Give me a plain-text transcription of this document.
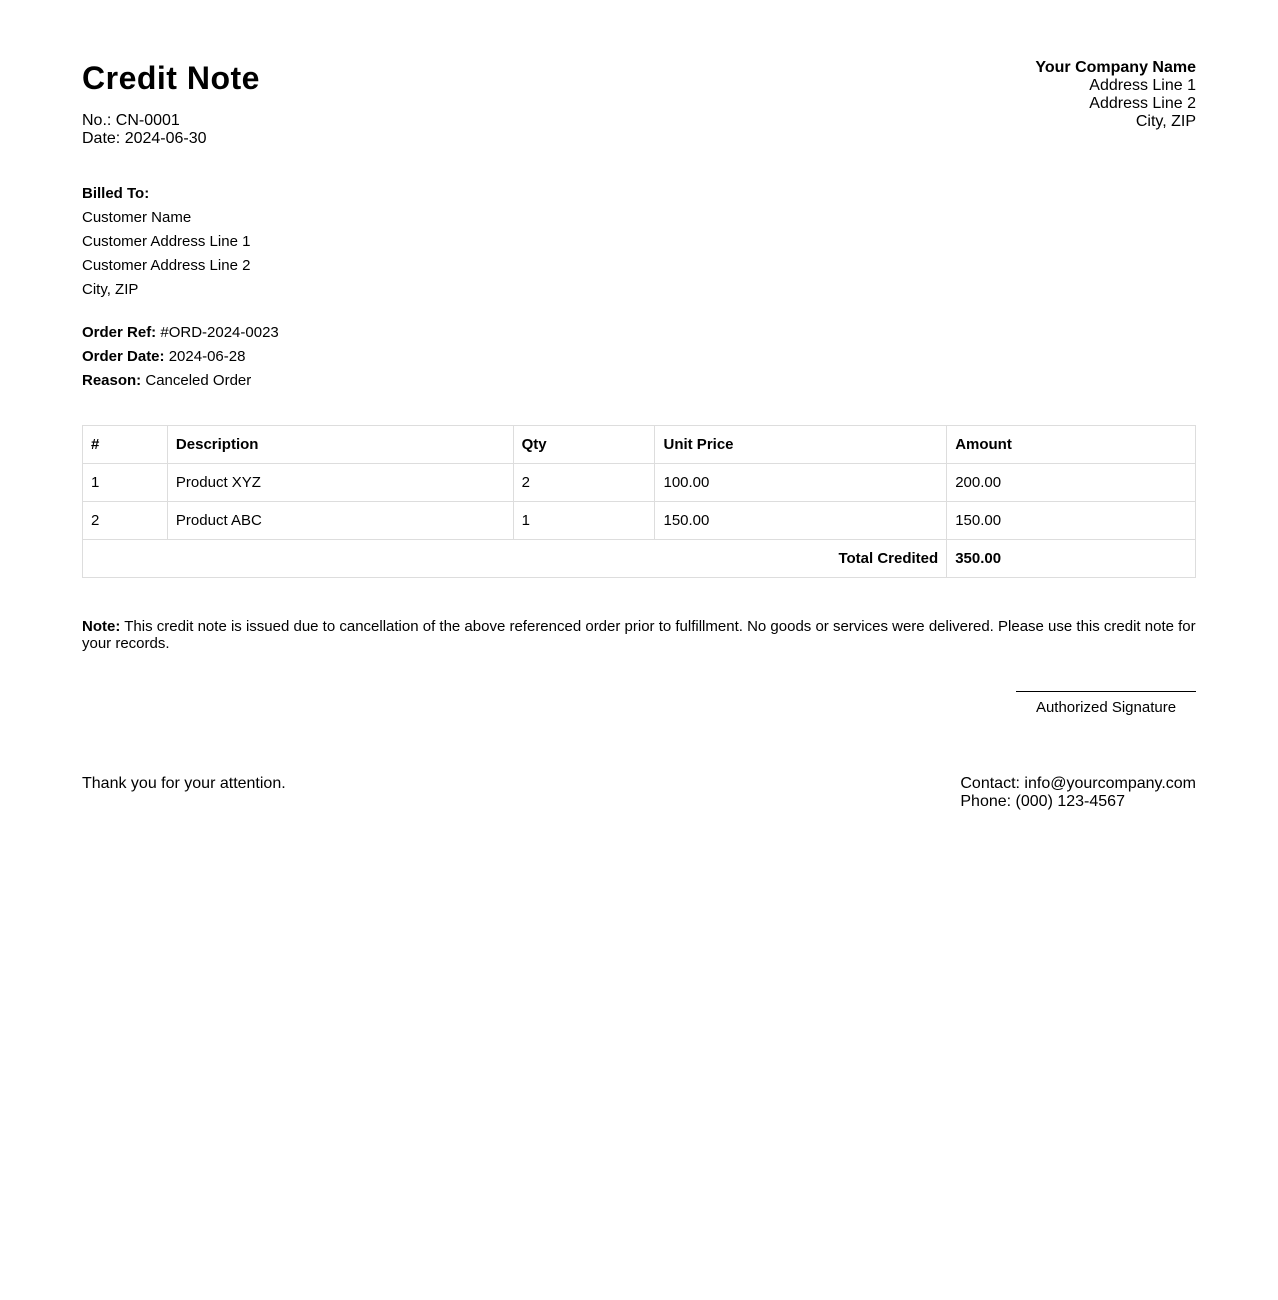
Credit Note
No.: CN-0001
Date: 2024-06-30
Your Company Name
Address Line 1
Address Line 2
City, ZIP
Billed To:
Customer Name
Customer Address Line 1
Customer Address Line 2
City, ZIP
Order Ref: #ORD-2024-0023
Order Date: 2024-06-28
Reason: Canceled Order
#	Description	Qty	Unit Price	Amount
1	Product XYZ	2	100.00	200.00
2	Product ABC	1	150.00	150.00
Total Credited				350.00
Note: This credit note is issued due to cancellation of the above referenced order prior to fulfillment. No goods or services were delivered. Please use this credit note for your records.
Authorized Signature
Thank you for your attention.	Contact: info@yourcompany.com
Phone: (000) 123-4567
